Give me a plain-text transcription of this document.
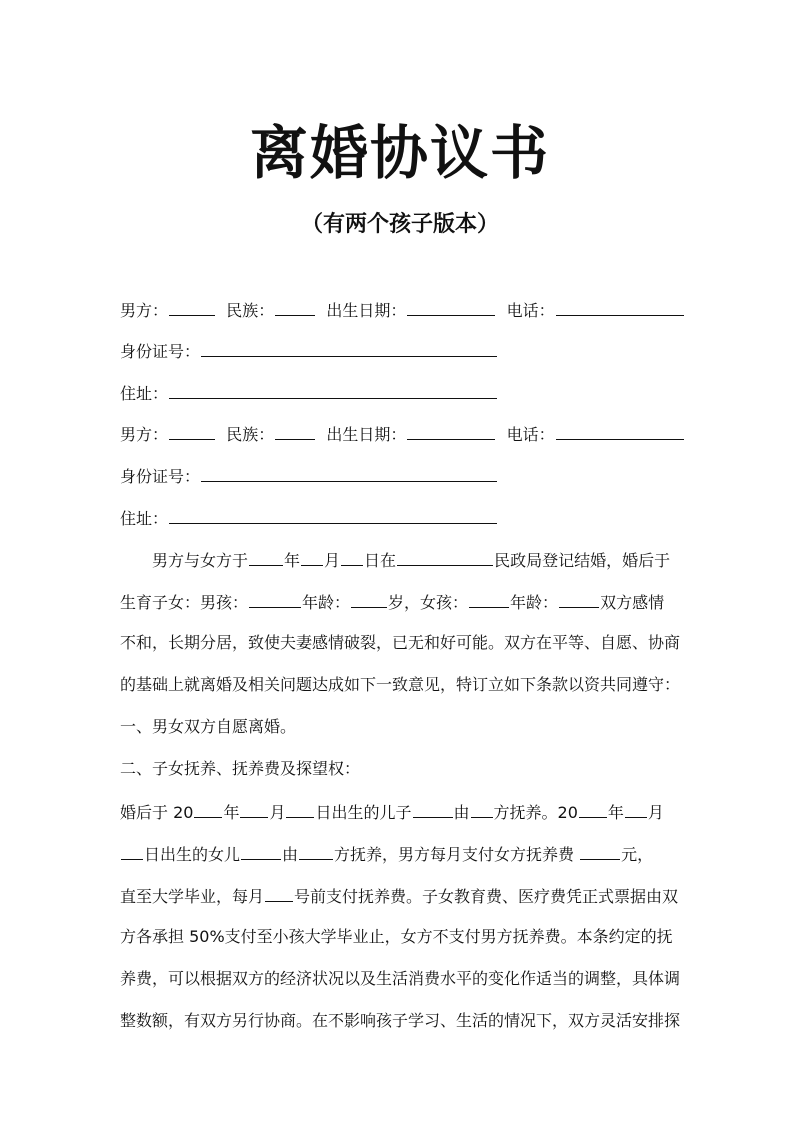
离婚协议书
（有两个孩子版本）
男方：	民族：	出生日期：	电话：
身份证号：
住址：
男方：	民族：	出生日期：	电话：
身份证号：
住址：
男方与女方于 年 月 日在	民政局登记结婚，婚后于
生育子女：男孩：	年龄： 岁，女孩：	年龄：	双方感情
不和，长期分居，致使夫妻感情破裂，已无和好可能。双方在平等、自愿、协商
的基础上就离婚及相关问题达成如下一致意见，特订立如下条款以资共同遵守：
一、男女双方自愿离婚。
二、子女抚养、抚养费及探望权：
婚后于 20 年 月 日出生的儿子	由 方抚养。20 年 月
日出生的女儿	由 方抚养，男方每月支付女方抚养费	元，
直至大学毕业，每月 号前支付抚养费。子女教育费、医疗费凭正式票据由双
方各承担 50%支付至小孩大学毕业止，女方不支付男方抚养费。本条约定的抚
养费，可以根据双方的经济状况以及生活消费水平的变化作适当的调整，具体调
整数额，有双方另行协商。在不影响孩子学习、生活的情况下，双方灵活安排探
